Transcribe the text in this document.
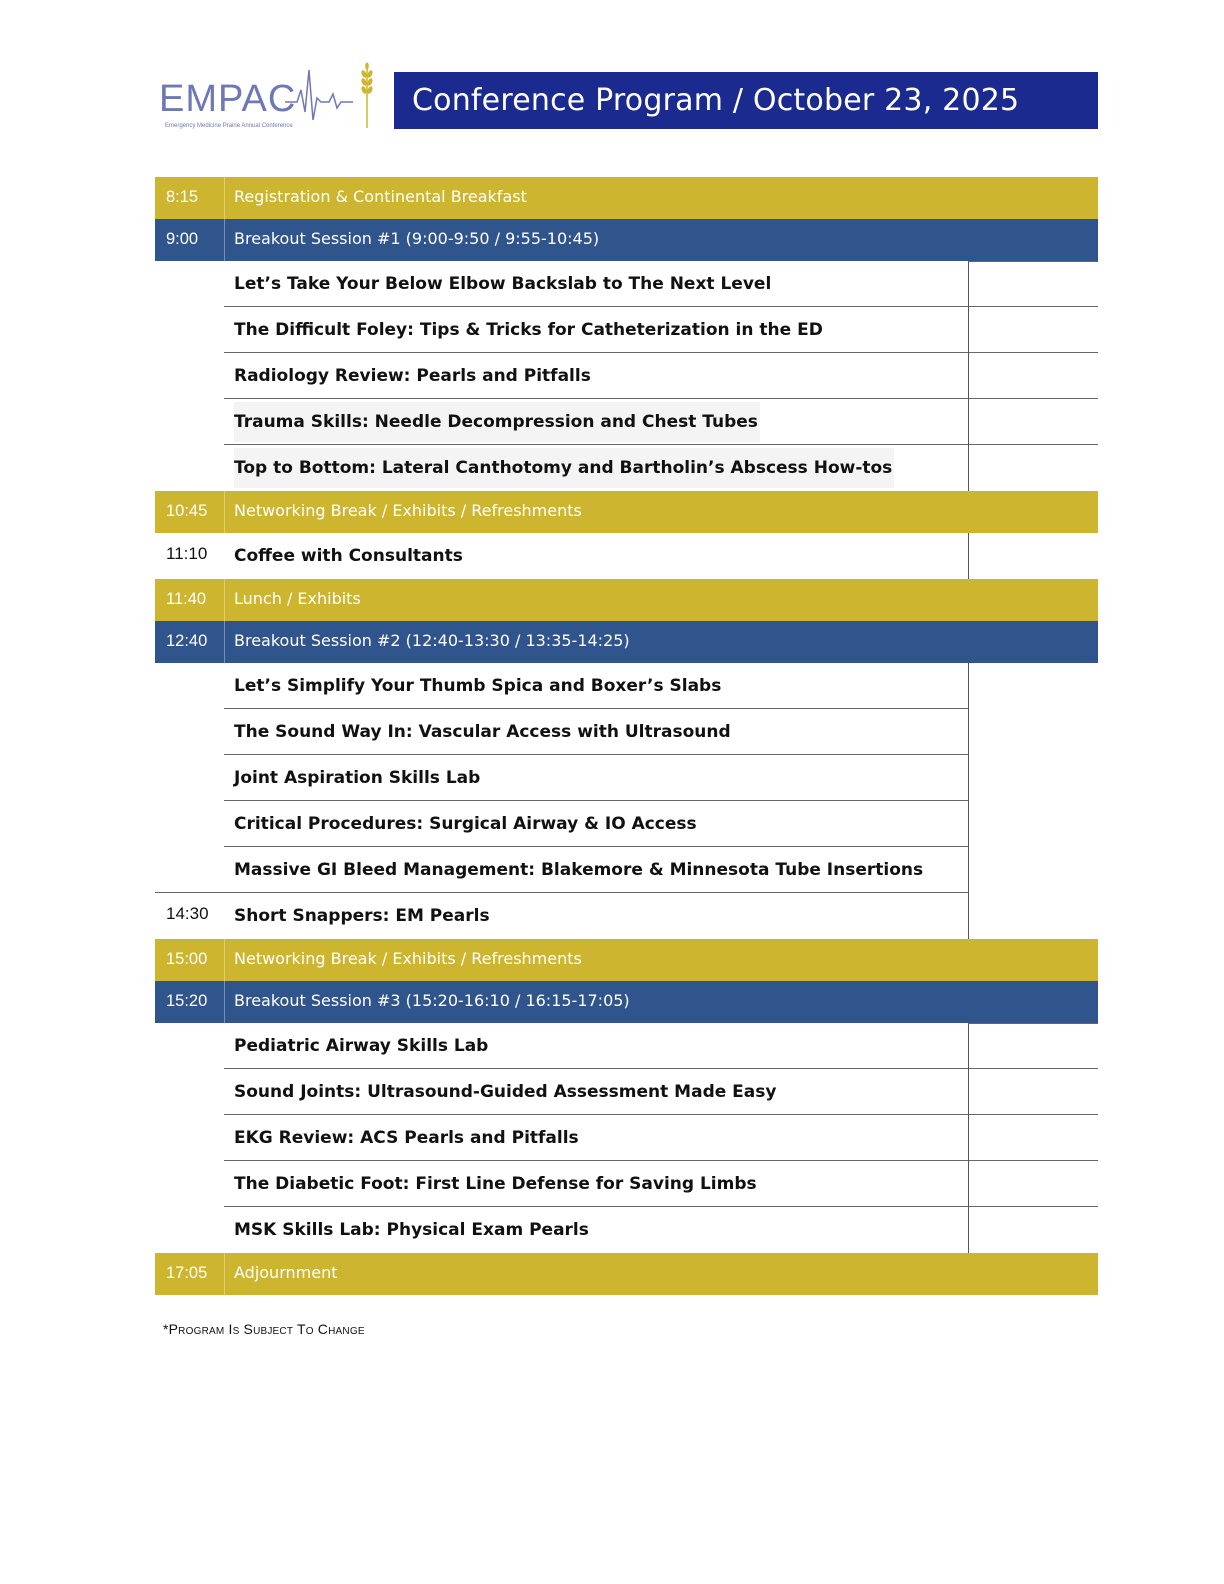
EMPAC
Emergency Medicine Prairie Annual Conference
Conference Program / October 23, 2025
8:15 Registration & Continental Breakfast
9:00 Breakout Session #1 (9:00-9:50 / 9:55-10:45)
Let’s Take Your Below Elbow Backslab to The Next Level
The Difficult Foley: Tips & Tricks for Catheterization in the ED
Radiology Review: Pearls and Pitfalls
Trauma Skills: Needle Decompression and Chest Tubes
Top to Bottom: Lateral Canthotomy and Bartholin’s Abscess How-tos
10:45 Networking Break / Exhibits / Refreshments
11:10 Coffee with Consultants
11:40 Lunch / Exhibits
12:40 Breakout Session #2 (12:40-13:30 / 13:35-14:25)
Let’s Simplify Your Thumb Spica and Boxer’s Slabs
The Sound Way In: Vascular Access with Ultrasound
Joint Aspiration Skills Lab
Critical Procedures: Surgical Airway & IO Access
Massive GI Bleed Management: Blakemore & Minnesota Tube Insertions
14:30 Short Snappers: EM Pearls
15:00 Networking Break / Exhibits / Refreshments
15:20 Breakout Session #3 (15:20-16:10 / 16:15-17:05)
Pediatric Airway Skills Lab
Sound Joints: Ultrasound-Guided Assessment Made Easy
EKG Review: ACS Pearls and Pitfalls
The Diabetic Foot: First Line Defense for Saving Limbs
MSK Skills Lab: Physical Exam Pearls
17:05 Adjournment
*Program Is Subject To Change
